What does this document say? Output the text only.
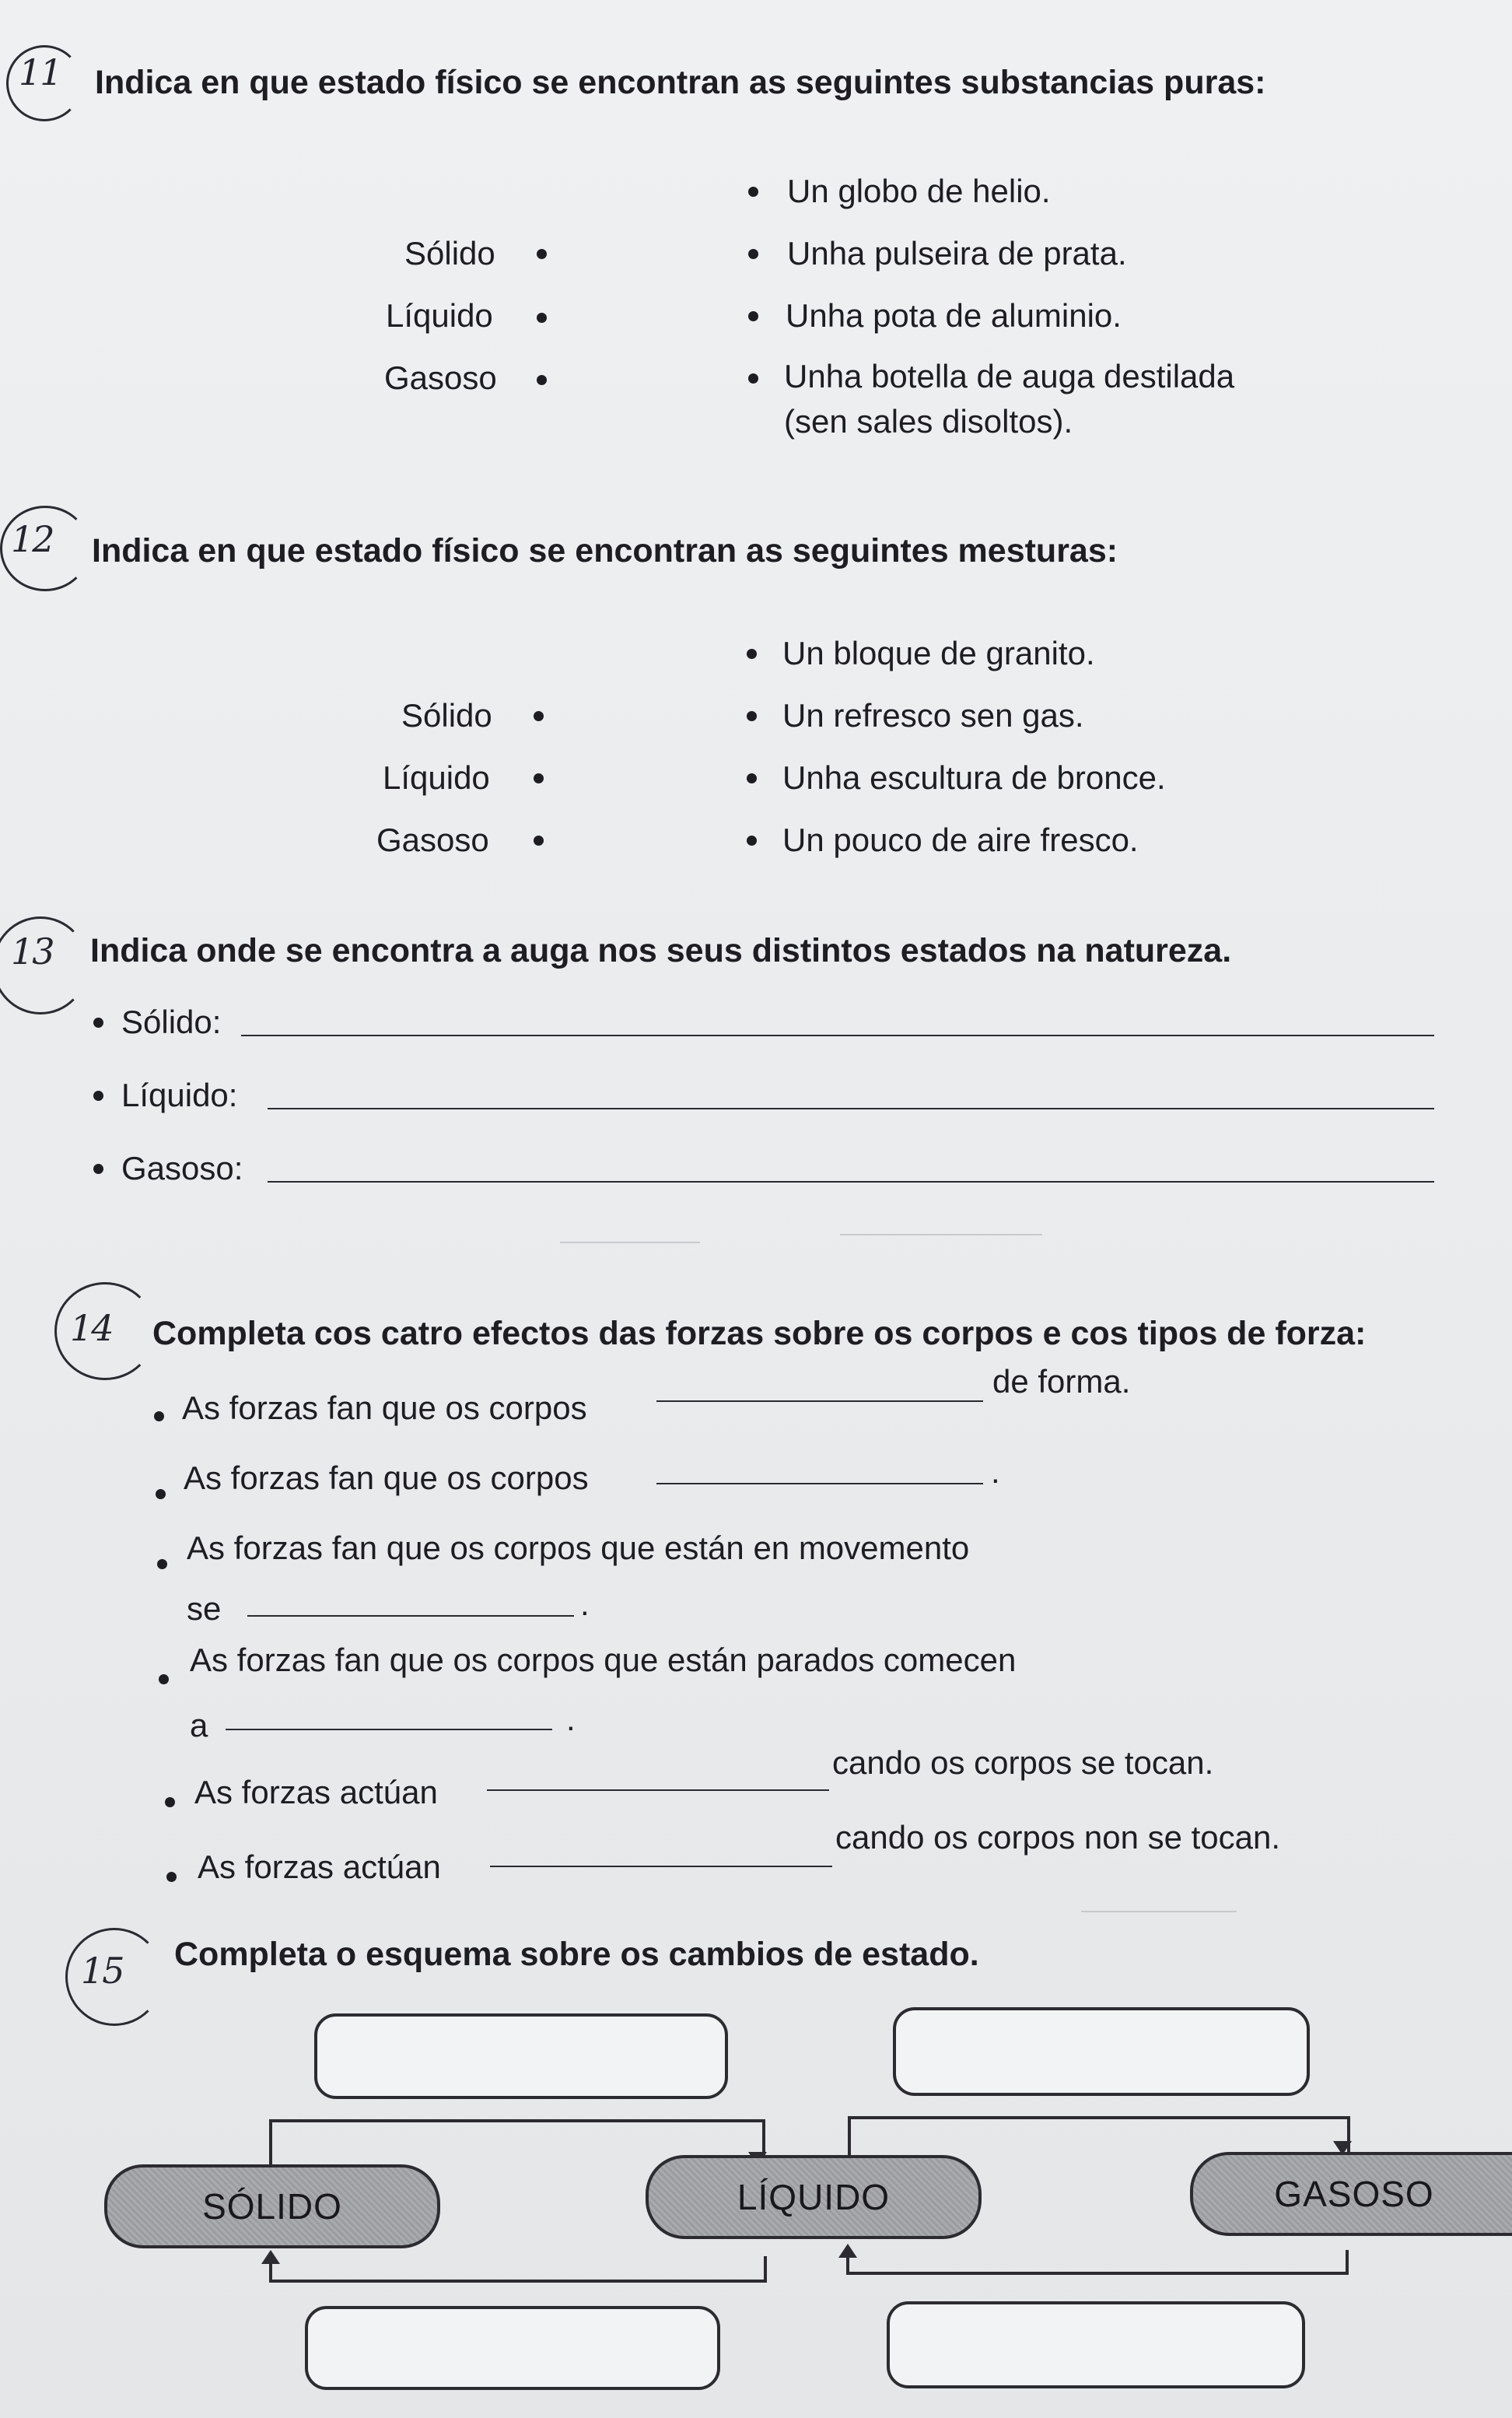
11 Indica en que estado físico se encontran as seguintes substancias puras:
Sólido
Líquido
Gasoso
Un globo de helio.
Unha pulseira de prata.
Unha pota de aluminio.
Unha botella de auga destilada
(sen sales disoltos).
12 Indica en que estado físico se encontran as seguintes mesturas:
Sólido
Líquido
Gasoso
Un bloque de granito.
Un refresco sen gas.
Unha escultura de bronce.
Un pouco de aire fresco.
13 Indica onde se encontra a auga nos seus distintos estados na natureza.
Sólido:
Líquido:
Gasoso:
14 Completa cos catro efectos das forzas sobre os corpos e cos tipos de forza:
As forzas fan que os corpos
de forma.
As forzas fan que os corpos	.
As forzas fan que os corpos que están en movemento
se	.
As forzas fan que os corpos que están parados comecen
a	.
As forzas actúan
cando os corpos se tocan.
As forzas actúan
cando os corpos non se tocan.
15 Completa o esquema sobre os cambios de estado.
SÓLIDO	LÍQUIDO	GASOSO
